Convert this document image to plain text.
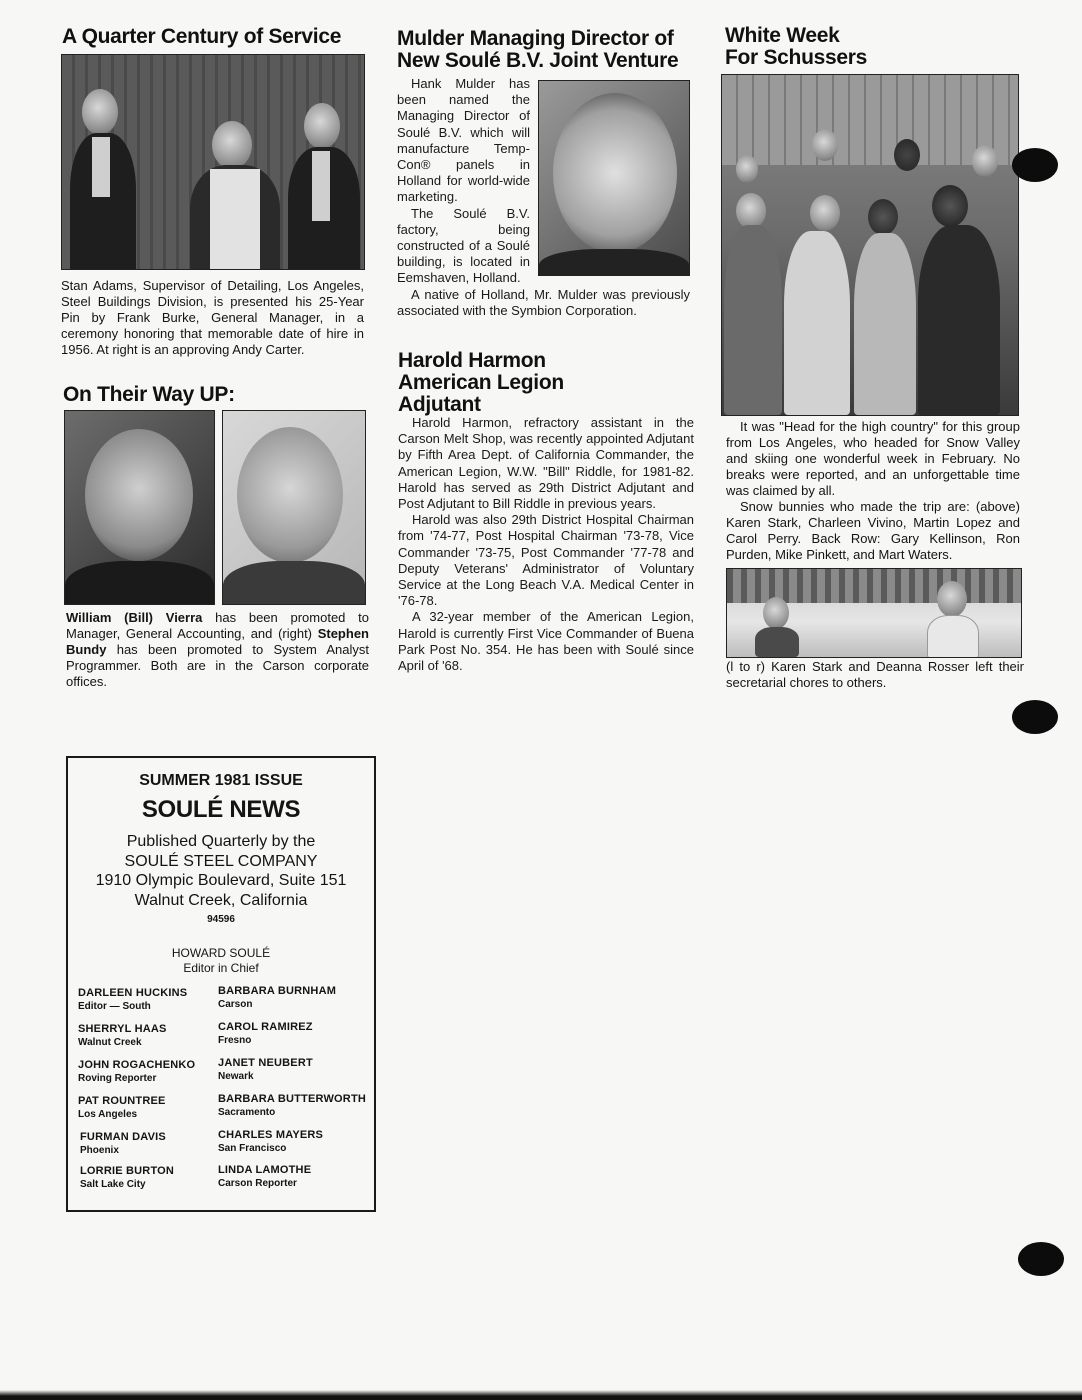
A Quarter Century of Service
Stan Adams, Supervisor of Detailing, Los Angeles, Steel Buildings Division, is presented his 25-Year Pin by Frank Burke, General Manager, in a ceremony honoring that memorable date of hire in 1956. At right is an approving Andy Carter.
On Their Way UP:
William (Bill) Vierra has been promoted to Manager, General Accounting, and (right) Stephen Bundy has been promoted to System Analyst Programmer. Both are in the Carson corporate offices.
Mulder Managing Director of
New Soulé B.V. Joint Venture

Hank Mulder has been named the Managing Director of Soulé B.V. which will manufacture Temp-Con® panels in Holland for world-wide marketing.

The Soulé B.V. factory, being constructed of a Soulé building, is located in Eemshaven, Holland.

A native of Holland, Mr. Mulder was previously associated with the Symbion Corporation.

Harold Harmon
American Legion
Adjutant

Harold Harmon, refractory assistant in the Carson Melt Shop, was recently appointed Adjutant by Fifth Area Dept. of California Commander, the American Legion, W.W. "Bill" Riddle, for 1981-82. Harold has served as 29th District Adjutant and Post Adjutant to Bill Riddle in previous years.

Harold was also 29th District Hospital Chairman from '74-77, Post Hospital Chairman '73-78, Vice Commander '73-75, Post Commander '77-78 and Deputy Veterans' Administrator of Voluntary Service at the Long Beach V.A. Medical Center in '76-78.

A 32-year member of the American Legion, Harold is currently First Vice Commander of Buena Park Post No. 354. He has been with Soulé since April of '68.

White Week
For Schussers
It was "Head for the high country" for this group from Los Angeles, who headed for Snow Valley and skiing one wonderful week in February. No breaks were reported, and an unforgettable time was claimed by all.
Snow bunnies who made the trip are: (above) Karen Stark, Charleen Vivino, Martin Lopez and Carol Perry. Back Row: Gary Kellinson, Ron Purden, Mike Pinkett, and Mart Waters.
(l to r) Karen Stark and Deanna Rosser left their secretarial chores to others.
SUMMER 1981 ISSUE
SOULÉ NEWS
Published Quarterly by the
SOULÉ STEEL COMPANY
1910 Olympic Boulevard, Suite 151
Walnut Creek, California
94596
HOWARD SOULÉ
Editor in Chief
DARLEEN HUCKINS
Editor — South
BARBARA BURNHAM
Carson
SHERRYL HAAS
Walnut Creek
CAROL RAMIREZ
Fresno
JOHN ROGACHENKO
Roving Reporter
JANET NEUBERT
Newark
PAT ROUNTREE
Los Angeles
BARBARA BUTTERWORTH
Sacramento
FURMAN DAVIS
Phoenix
CHARLES MAYERS
San Francisco
LORRIE BURTON
Salt Lake City
LINDA LAMOTHE
Carson Reporter
